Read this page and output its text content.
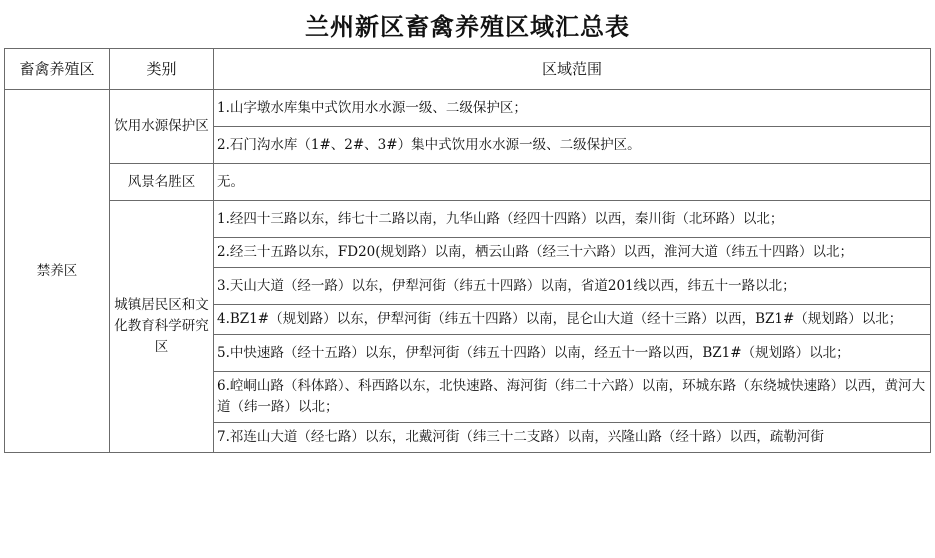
兰州新区畜禽养殖区域汇总表
畜禽养殖区	类别	区域范围
禁养区	饮用水源保护区	1.山字墩水库集中式饮用水水源一级、二级保护区；
		2.石门沟水库（1#、2#、3#）集中式饮用水水源一级、二级保护区。
	风景名胜区	无。
	城镇居民区和文化教育科学研究区	1.经四十三路以东，纬七十二路以南，九华山路（经四十四路）以西，秦川街（北环路）以北；
		2.经三十五路以东，FD20(规划路）以南，栖云山路（经三十六路）以西，淮河大道（纬五十四路）以北；
		3.天山大道（经一路）以东，伊犁河街（纬五十四路）以南，省道201线以西，纬五十一路以北；
		4.BZ1#（规划路）以东，伊犁河街（纬五十四路）以南，昆仑山大道（经十三路）以西，BZ1#（规划路）以北；
		5.中快速路（经十五路）以东，伊犁河街（纬五十四路）以南，经五十一路以西，BZ1#（规划路）以北；
		6.崆峒山路（科体路）、科西路以东，北快速路、海河街（纬二十六路）以南，环城东路（东绕城快速路）以西，黄河大道（纬一路）以北；
		7.祁连山大道（经七路）以东，北戴河街（纬三十二支路）以南，兴隆山路（经十路）以西，疏勒河街
